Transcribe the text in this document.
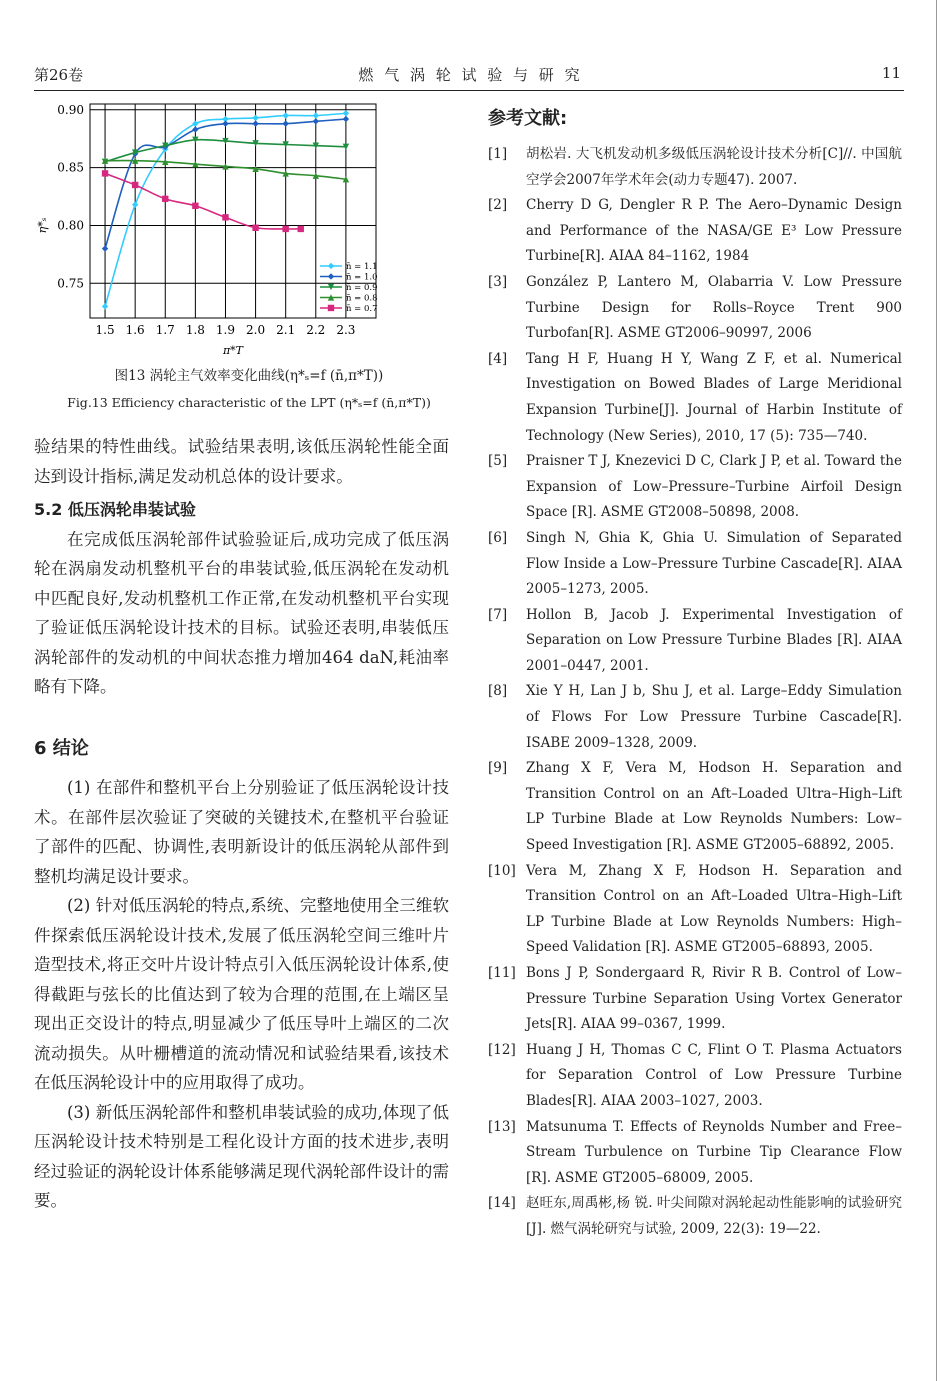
第26卷	燃 气 涡 轮 试 验 与 研 究	11
1.5 1.6 1.7 1.8 1.9 2.0 2.1 2.2 2.3
0.75
0.80
0.85
0.90
π*T
η*ₛ
n̄ = 1.1
n̄ = 1.0
n̄ = 0.9
n̄ = 0.8
n̄ = 0.7
图13 涡轮主气效率变化曲线(η*ₛ=f (n̄,π*T))
Fig.13 Efficiency characteristic of the LPT (η*ₛ=f (n̄,π*T))

验结果的特性曲线。试验结果表明,该低压涡轮性能全面达到设计指标,满足发动机总体的设计要求。

5.2 低压涡轮串装试验

在完成低压涡轮部件试验验证后,成功完成了低压涡轮在涡扇发动机整机平台的串装试验,低压涡轮在发动机中匹配良好,发动机整机工作正常,在发动机整机平台实现了验证低压涡轮设计技术的目标。试验还表明,串装低压涡轮部件的发动机的中间状态推力增加464 daN,耗油率略有下降。

6 结论

(1) 在部件和整机平台上分别验证了低压涡轮设计技术。在部件层次验证了突破的关键技术,在整机平台验证了部件的匹配、协调性,表明新设计的低压涡轮从部件到整机均满足设计要求。

(2) 针对低压涡轮的特点,系统、完整地使用全三维软件探索低压涡轮设计技术,发展了低压涡轮空间三维叶片造型技术,将正交叶片设计特点引入低压涡轮设计体系,使得截距与弦长的比值达到了较为合理的范围,在上端区呈现出正交设计的特点,明显减少了低压导叶上端区的二次流动损失。从叶栅槽道的流动情况和试验结果看,该技术在低压涡轮设计中的应用取得了成功。

(3) 新低压涡轮部件和整机串装试验的成功,体现了低压涡轮设计技术特别是工程化设计方面的技术进步,表明经过验证的涡轮设计体系能够满足现代涡轮部件设计的需要。

参考文献:
[1]	胡松岩. 大飞机发动机多级低压涡轮设计技术分析[C]//. 中国航空学会2007年学术年会(动力专题47). 2007.
[2]	Cherry D G, Dengler R P. The Aero–Dynamic Design and Performance of the NASA/GE E³ Low Pressure Turbine[R]. AIAA 84–1162, 1984
[3]	González P, Lantero M, Olabarria V. Low Pressure Turbine Design for Rolls–Royce Trent 900 Turbofan[R]. ASME GT2006–90997, 2006
[4]	Tang H F, Huang H Y, Wang Z F, et al. Numerical Investigation on Bowed Blades of Large Meridional Expansion Turbine[J]. Journal of Harbin Institute of Technology (New Series), 2010, 17 (5): 735—740.
[5]	Praisner T J, Knezevici D C, Clark J P, et al. Toward the Expansion of Low–Pressure–Turbine Airfoil Design Space [R]. ASME GT2008–50898, 2008.
[6]	Singh N, Ghia K, Ghia U. Simulation of Separated Flow Inside a Low–Pressure Turbine Cascade[R]. AIAA 2005–1273, 2005.
[7]	Hollon B, Jacob J. Experimental Investigation of Separation on Low Pressure Turbine Blades [R]. AIAA 2001–0447, 2001.
[8]	Xie Y H, Lan J b, Shu J, et al. Large–Eddy Simulation of Flows For Low Pressure Turbine Cascade[R]. ISABE 2009–1328, 2009.
[9]	Zhang X F, Vera M, Hodson H. Separation and Transition Control on an Aft–Loaded Ultra–High–Lift LP Turbine Blade at Low Reynolds Numbers: Low–Speed Investigation [R]. ASME GT2005–68892, 2005.
[10] Vera M, Zhang X F, Hodson H. Separation and Transition Control on an Aft–Loaded Ultra–High–Lift LP Turbine Blade at Low Reynolds Numbers: High–Speed Validation [R]. ASME GT2005–68893, 2005.
[11] Bons J P, Sondergaard R, Rivir R B. Control of Low–Pressure Turbine Separation Using Vortex Generator Jets[R]. AIAA 99–0367, 1999.
[12] Huang J H, Thomas C C, Flint O T. Plasma Actuators for Separation Control of Low Pressure Turbine Blades[R]. AIAA 2003–1027, 2003.
[13] Matsunuma T. Effects of Reynolds Number and Free–Stream Turbulence on Turbine Tip Clearance Flow [R]. ASME GT2005–68009, 2005.
[14] 赵旺东,周禹彬,杨 锐. 叶尖间隙对涡轮起动性能影响的试验研究[J]. 燃气涡轮研究与试验, 2009, 22(3): 19—22.
